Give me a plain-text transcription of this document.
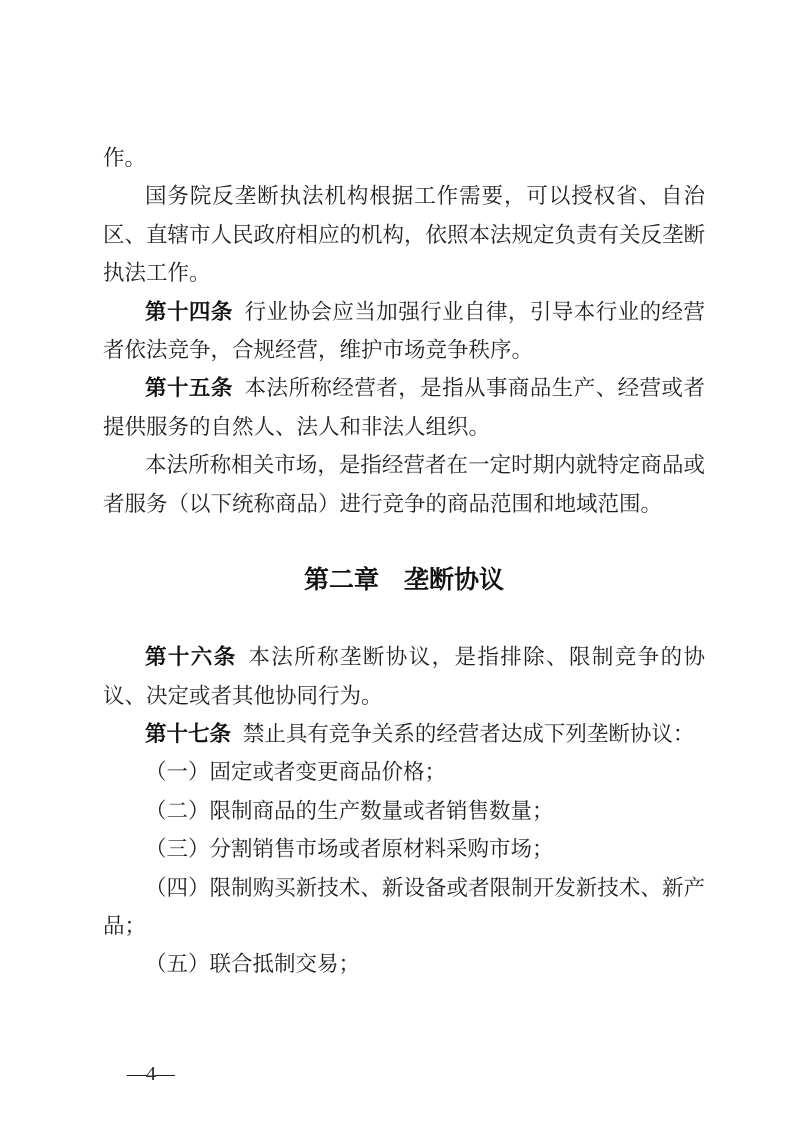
作。

国务院反垄断执法机构根据工作需要，可以授权省、自治区、直辖市人民政府相应的机构，依照本法规定负责有关反垄断执法工作。

第十四条 行业协会应当加强行业自律，引导本行业的经营者依法竞争，合规经营，维护市场竞争秩序。

第十五条 本法所称经营者，是指从事商品生产、经营或者提供服务的自然人、法人和非法人组织。

本法所称相关市场，是指经营者在一定时期内就特定商品或者服务（以下统称商品）进行竞争的商品范围和地域范围。

第二章　垄断协议

第十六条 本法所称垄断协议，是指排除、限制竞争的协议、决定或者其他协同行为。

第十七条 禁止具有竞争关系的经营者达成下列垄断协议：

（一）固定或者变更商品价格；

（二）限制商品的生产数量或者销售数量；

（三）分割销售市场或者原材料采购市场；

（四）限制购买新技术、新设备或者限制开发新技术、新产品；

（五）联合抵制交易；

—4—
